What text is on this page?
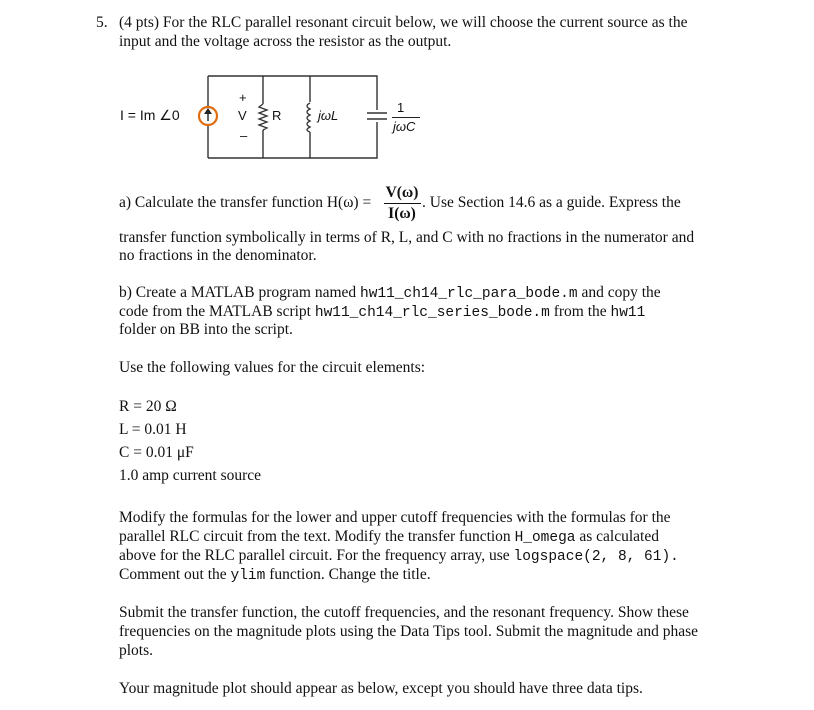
5. (4 pts) For the RLC parallel resonant circuit below, we will choose the current source as the
input and the voltage across the resistor as the output.
I = Im ∠0
+
V
–
R	jωL
1
jωC
a) Calculate the transfer function H(ω) =
V(ω)
I(ω)
. Use Section 14.6 as a guide. Express the
transfer function symbolically in terms of R, L, and C with no fractions in the numerator and
no fractions in the denominator.
b) Create a MATLAB program named hw11_ch14_rlc_para_bode.m and copy the
code from the MATLAB script hw11_ch14_rlc_series_bode.m from the hw11
folder on BB into the script.
Use the following values for the circuit elements:
R = 20 Ω
L = 0.01 H
C = 0.01 μF
1.0 amp current source
Modify the formulas for the lower and upper cutoff frequencies with the formulas for the
parallel RLC circuit from the text. Modify the transfer function H_omega as calculated
above for the RLC parallel circuit. For the frequency array, use logspace(2, 8, 61).
Comment out the ylim function. Change the title.
Submit the transfer function, the cutoff frequencies, and the resonant frequency. Show these
frequencies on the magnitude plots using the Data Tips tool. Submit the magnitude and phase
plots.
Your magnitude plot should appear as below, except you should have three data tips.
